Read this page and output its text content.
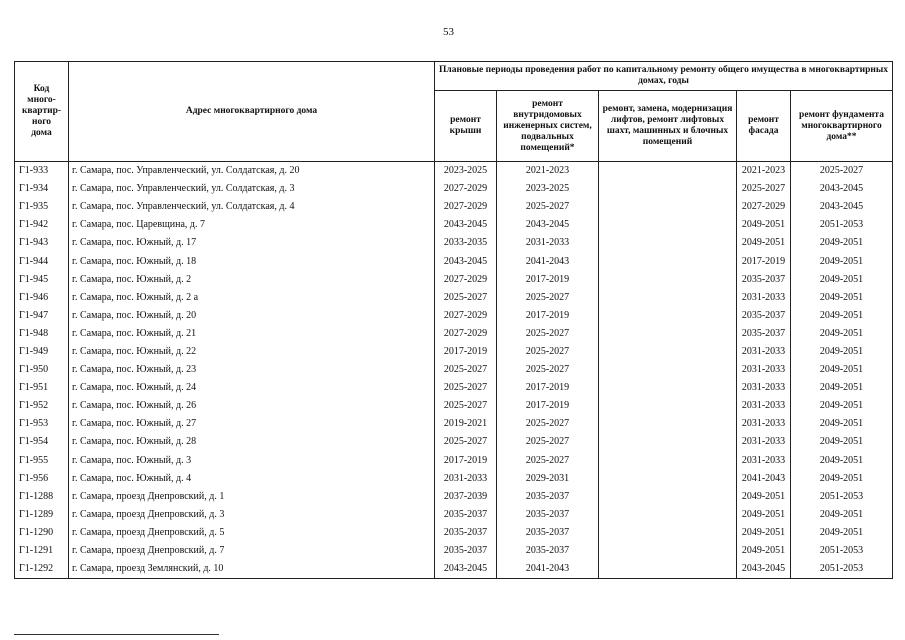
53
Код
много-
квартир-
ного
дома	Адрес многоквартирного дома	Плановые периоды проведения работ по капитальному ремонту общего имущества в многоквартирных домах, годы				
		ремонт крыши	ремонт внутридомовых инженерных систем, подвальных помещений*	ремонт, замена, модернизация лифтов, ремонт лифтовых шахт, машинных и блочных помещений	ремонт фасада	ремонт фундамента многоквартирного дома**
Г1-933	г. Самара, пос. Управленческий, ул. Солдатская, д. 20	2023-2025	2021-2023		2021-2023	2025-2027
Г1-934	г. Самара, пос. Управленческий, ул. Солдатская, д. 3	2027-2029	2023-2025		2025-2027	2043-2045
Г1-935	г. Самара, пос. Управленческий, ул. Солдатская, д. 4	2027-2029	2025-2027		2027-2029	2043-2045
Г1-942	г. Самара, пос. Царевщина, д. 7	2043-2045	2043-2045		2049-2051	2051-2053
Г1-943	г. Самара, пос. Южный, д. 17	2033-2035	2031-2033		2049-2051	2049-2051
Г1-944	г. Самара, пос. Южный, д. 18	2043-2045	2041-2043		2017-2019	2049-2051
Г1-945	г. Самара, пос. Южный, д. 2	2027-2029	2017-2019		2035-2037	2049-2051
Г1-946	г. Самара, пос. Южный, д. 2 а	2025-2027	2025-2027		2031-2033	2049-2051
Г1-947	г. Самара, пос. Южный, д. 20	2027-2029	2017-2019		2035-2037	2049-2051
Г1-948	г. Самара, пос. Южный, д. 21	2027-2029	2025-2027		2035-2037	2049-2051
Г1-949	г. Самара, пос. Южный, д. 22	2017-2019	2025-2027		2031-2033	2049-2051
Г1-950	г. Самара, пос. Южный, д. 23	2025-2027	2025-2027		2031-2033	2049-2051
Г1-951	г. Самара, пос. Южный, д. 24	2025-2027	2017-2019		2031-2033	2049-2051
Г1-952	г. Самара, пос. Южный, д. 26	2025-2027	2017-2019		2031-2033	2049-2051
Г1-953	г. Самара, пос. Южный, д. 27	2019-2021	2025-2027		2031-2033	2049-2051
Г1-954	г. Самара, пос. Южный, д. 28	2025-2027	2025-2027		2031-2033	2049-2051
Г1-955	г. Самара, пос. Южный, д. 3	2017-2019	2025-2027		2031-2033	2049-2051
Г1-956	г. Самара, пос. Южный, д. 4	2031-2033	2029-2031		2041-2043	2049-2051
Г1-1288	г. Самара, проезд Днепровский, д. 1	2037-2039	2035-2037		2049-2051	2051-2053
Г1-1289	г. Самара, проезд Днепровский, д. 3	2035-2037	2035-2037		2049-2051	2049-2051
Г1-1290	г. Самара, проезд Днепровский, д. 5	2035-2037	2035-2037		2049-2051	2049-2051
Г1-1291	г. Самара, проезд Днепровский, д. 7	2035-2037	2035-2037		2049-2051	2051-2053
Г1-1292	г. Самара, проезд Землянский, д. 10	2043-2045	2041-2043		2043-2045	2051-2053
